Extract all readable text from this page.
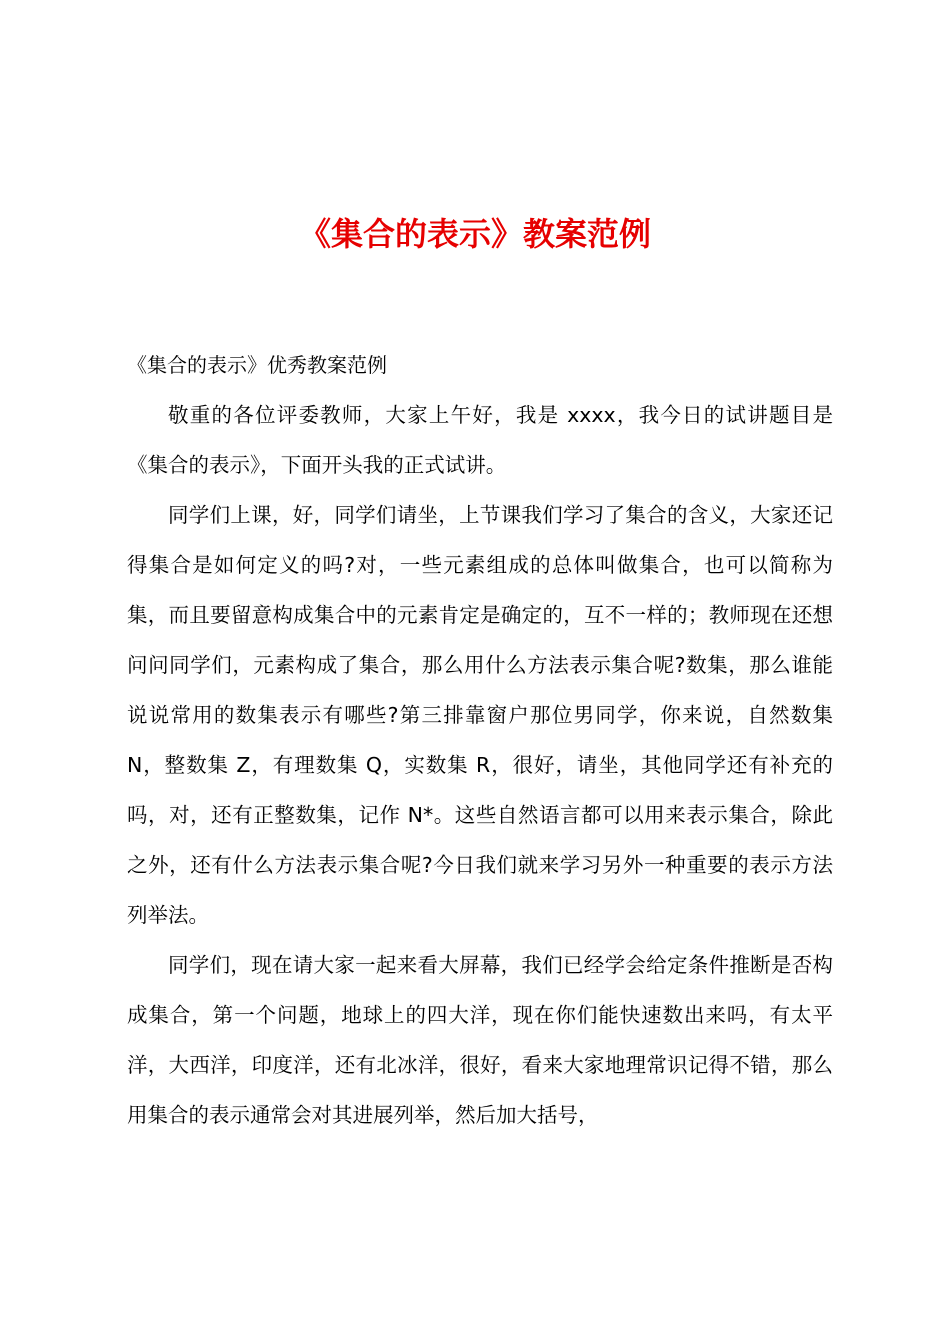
《集合的表示》教案范例

《集合的表示》优秀教案范例

敬重的各位评委教师，大家上午好，我是 xxxx，我今日的试讲题目是《集合的表示》，下面开头我的正式试讲。

同学们上课，好，同学们请坐，上节课我们学习了集合的含义，大家还记得集合是如何定义的吗?对，一些元素组成的总体叫做集合，也可以简称为集，而且要留意构成集合中的元素肯定是确定的，互不一样的；教师现在还想问问同学们，元素构成了集合，那么用什么方法表示集合呢?数集，那么谁能说说常用的数集表示有哪些?第三排靠窗户那位男同学，你来说，自然数集 N，整数集 Z，有理数集 Q，实数集 R，很好，请坐，其他同学还有补充的吗，对，还有正整数集，记作 N*。这些自然语言都可以用来表示集合，除此之外，还有什么方法表示集合呢?今日我们就来学习另外一种重要的表示方法列举法。

同学们，现在请大家一起来看大屏幕，我们已经学会给定条件推断是否构成集合，第一个问题，地球上的四大洋，现在你们能快速数出来吗，有太平洋，大西洋，印度洋，还有北冰洋，很好，看来大家地理常识记得不错，那么用集合的表示通常会对其进展列举，然后加大括号，
